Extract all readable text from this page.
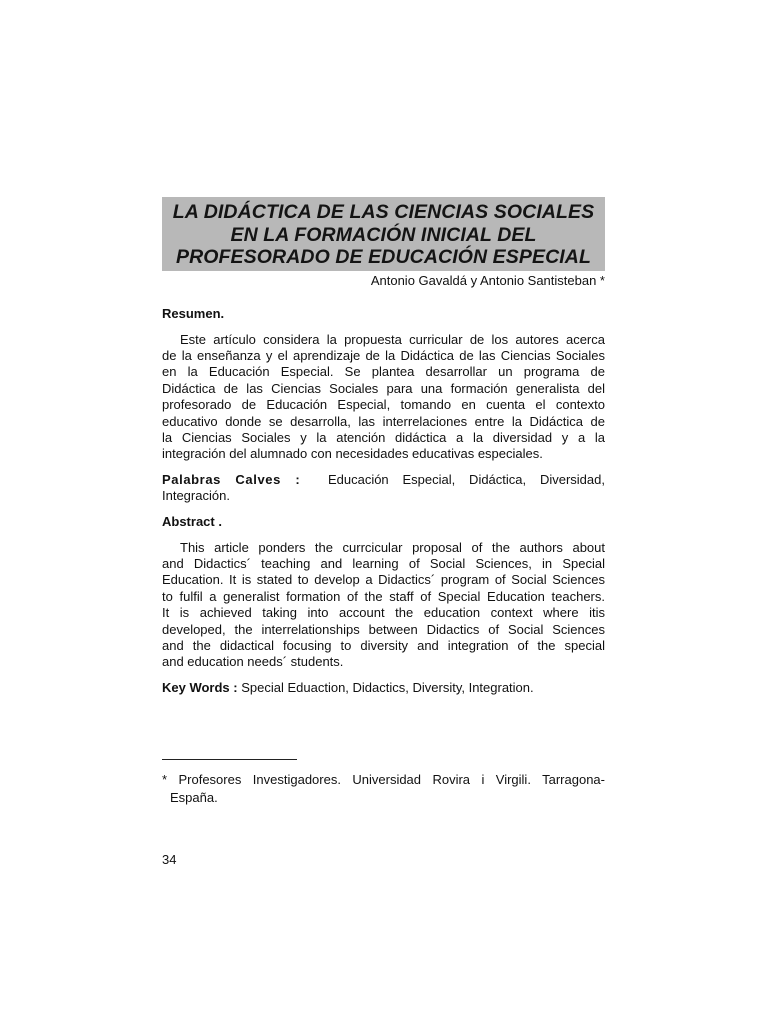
LA DIDÁCTICA DE LAS CIENCIAS SOCIALES
EN LA FORMACIÓN INICIAL DEL
PROFESORADO DE EDUCACIÓN ESPECIAL
Antonio Gavaldá y Antonio Santisteban *
Resumen.
Este artículo considera la propuesta curricular de los autores acerca
de la enseñanza y el aprendizaje de la Didáctica de las Ciencias Sociales
en la Educación Especial. Se plantea desarrollar un programa de
Didáctica de las Ciencias Sociales para una formación generalista del
profesorado de Educación Especial, tomando en cuenta el contexto
educativo donde se desarrolla, las interrelaciones entre la Didáctica de
la Ciencias Sociales y la atención didáctica a la diversidad y a la
integración del alumnado con necesidades educativas especiales.
Palabras Calves : Educación Especial, Didáctica, Diversidad,
Integración.
Abstract .
This article ponders the currcicular proposal of the authors about
and Didactics´ teaching and learning of Social Sciences, in Special
Education. It is stated to develop a Didactics´ program of Social Sciences
to fulfil a generalist formation of the staff of Special Education teachers.
It is achieved taking into account the education context where itis
developed, the interrelationships between Didactics of Social Sciences
and the didactical focusing to diversity and integration of the special
and education needs´ students.
Key Words : Special Eduaction, Didactics, Diversity, Integration.
* Profesores Investigadores. Universidad Rovira i Virgili. Tarragona-
España.
34
